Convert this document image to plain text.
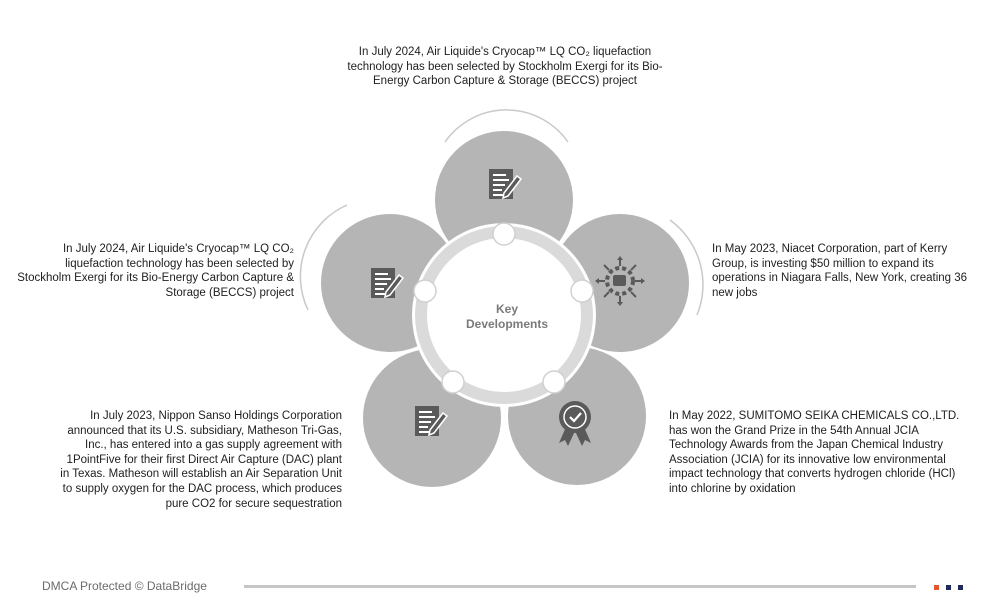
Key
Developments

In July 2024, Air Liquide's Cryocap™ LQ CO₂ liquefaction technology has been selected by Stockholm Exergi for its Bio-Energy Carbon Capture & Storage (BECCS) project

In July 2024, Air Liquide's Cryocap™ LQ CO₂ liquefaction technology has been selected by Stockholm Exergi for its Bio-Energy Carbon Capture & Storage (BECCS) project

In May 2023, Niacet Corporation, part of Kerry Group, is investing $50 million to expand its operations in Niagara Falls, New York, creating 36 new jobs

In July 2023, Nippon Sanso Holdings Corporation announced that its U.S. subsidiary, Matheson Tri-Gas, Inc., has entered into a gas supply agreement with 1PointFive for their first Direct Air Capture (DAC) plant in Texas. Matheson will establish an Air Separation Unit to supply oxygen for the DAC process, which produces pure CO2 for secure sequestration

In May 2022, SUMITOMO SEIKA CHEMICALS CO.,LTD. has won the Grand Prize in the 54th Annual JCIA Technology Awards from the Japan Chemical Industry Association (JCIA) for its innovative low environmental impact technology that converts hydrogen chloride (HCl) into chlorine by oxidation

DMCA Protected © DataBridge
